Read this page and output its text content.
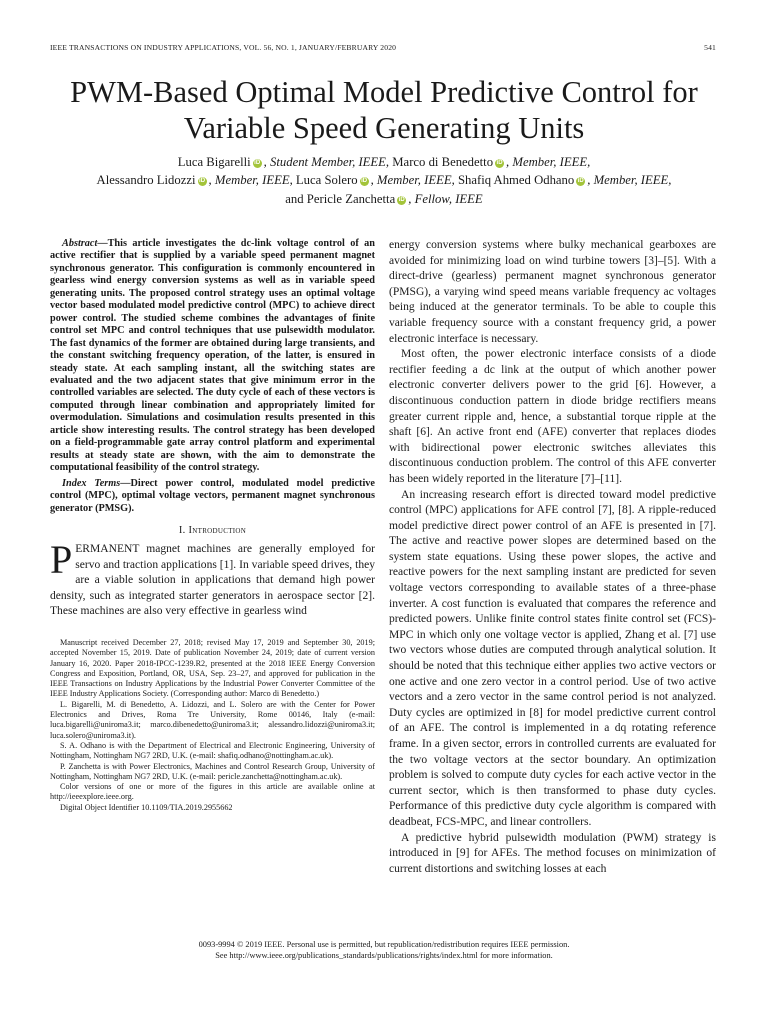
IEEE TRANSACTIONS ON INDUSTRY APPLICATIONS, VOL. 56, NO. 1, JANUARY/FEBRUARY 2020	541
PWM-Based Optimal Model Predictive Control for
Variable Speed Generating Units
Luca Bigarelli iD , Student Member, IEEE, Marco di Benedetto iD , Member, IEEE,
Alessandro Lidozzi iD , Member, IEEE, Luca Solero iD , Member, IEEE, Shafiq Ahmed Odhano iD , Member, IEEE,
and Pericle Zanchetta iD , Fellow, IEEE

Abstract—This article investigates the dc-link voltage control of an active rectifier that is supplied by a variable speed permanent magnet synchronous generator. This configuration is commonly encountered in gearless wind energy conversion systems as well as in variable speed generating units. The proposed control strategy uses an optimal voltage vector based modulated model predictive control (MPC) to achieve direct power control. The studied scheme combines the advantages of finite control set MPC and control techniques that use pulsewidth modulator. The fast dynamics of the former are obtained during large transients, and the constant switching frequency operation, of the latter, is ensured in steady state. At each sampling instant, all the switching states are evaluated and the two adjacent states that give minimum error in the controlled variables are selected. The duty cycle of each of these vectors is computed through linear combination and appropriately limited for overmodulation. Simulations and cosimulation results presented in this article show interesting results. The control strategy has been developed on a field-programmable gate array control platform and experimental results at steady state are shown, with the aim to demonstrate the computational feasibility of the control strategy.

Index Terms—Direct power control, modulated model predictive control (MPC), optimal voltage vectors, permanent magnet synchronous generator (PMSG).

I. Introduction

PERMANENT magnet machines are generally employed for servo and traction applications [1]. In variable speed drives, they are a viable solution in applications that demand high power density, such as integrated starter generators in aerospace sector [2]. These machines are also very effective in gearless wind

Manuscript received December 27, 2018; revised May 17, 2019 and September 30, 2019; accepted November 15, 2019. Date of publication November 24, 2019; date of current version January 16, 2020. Paper 2018-IPCC-1239.R2, presented at the 2018 IEEE Energy Conversion Congress and Exposition, Portland, OR, USA, Sep. 23–27, and approved for publication in the IEEE Transactions on Industry Applications by the Industrial Power Converter Committee of the IEEE Industry Applications Society. (Corresponding author: Marco di Benedetto.)

L. Bigarelli, M. di Benedetto, A. Lidozzi, and L. Solero are with the Center for Power Electronics and Drives, Roma Tre University, Rome 00146, Italy (e-mail: luca.bigarelli@uniroma3.it; marco.dibenedetto@uniroma3.it; alessandro.lidozzi@uniroma3.it; luca.solero@uniroma3.it).

S. A. Odhano is with the Department of Electrical and Electronic Engineering, University of Nottingham, Nottingham NG7 2RD, U.K. (e-mail: shafiq.odhano@nottingham.ac.uk).

P. Zanchetta is with Power Electronics, Machines and Control Research Group, University of Nottingham, Nottingham NG7 2RD, U.K. (e-mail: pericle.zanchetta@nottingham.ac.uk).

Color versions of one or more of the figures in this article are available online at http://ieeexplore.ieee.org.

Digital Object Identifier 10.1109/TIA.2019.2955662

energy conversion systems where bulky mechanical gearboxes are avoided for minimizing load on wind turbine towers [3]–[5]. With a direct-drive (gearless) permanent magnet synchronous generator (PMSG), a varying wind speed means variable frequency ac voltages being induced at the generator terminals. To be able to couple this variable frequency source with a constant frequency grid, a power electronic interface is necessary.

Most often, the power electronic interface consists of a diode rectifier feeding a dc link at the output of which another power electronic converter delivers power to the grid [6]. However, a discontinuous conduction pattern in diode bridge rectifiers means greater current ripple and, hence, a substantial torque ripple at the shaft [6]. An active front end (AFE) converter that replaces diodes with bidirectional power electronic switches alleviates this discontinuous conduction problem. The control of this AFE converter has been widely reported in the literature [7]–[11].

An increasing research effort is directed toward model predictive control (MPC) applications for AFE control [7], [8]. A ripple-reduced model predictive direct power control of an AFE is presented in [7]. The active and reactive power slopes are determined based on the system state equations. Using these power slopes, the active and reactive powers for the next sampling instant are predicted for seven voltage vectors corresponding to available states of a three-phase inverter. A cost function is evaluated that compares the reference and predicted powers. Unlike finite control states finite control set (FCS)-MPC in which only one voltage vector is applied, Zhang et al. [7] use two vectors whose duties are computed through analytical solution. It should be noted that this technique either applies two active vectors or one active and one zero vector in a control period. Use of two active vectors and a zero vector in the same control period is not analyzed. Duty cycles are optimized in [8] for model predictive current control of an AFE. The control is implemented in a dq rotating reference frame. In a given sector, errors in controlled currents are evaluated for the two voltage vectors at the sector boundary. An optimization problem is solved to compute duty cycles for each active vector in the current sector, which is then transformed to phase duty cycles. Performance of this predictive duty cycle algorithm is compared with deadbeat, FCS-MPC, and linear controllers.

A predictive hybrid pulsewidth modulation (PWM) strategy is introduced in [9] for AFEs. The method focuses on minimization of current distortions and switching losses at each

0093-9994 © 2019 IEEE. Personal use is permitted, but republication/redistribution requires IEEE permission.
See http://www.ieee.org/publications_standards/publications/rights/index.html for more information.
